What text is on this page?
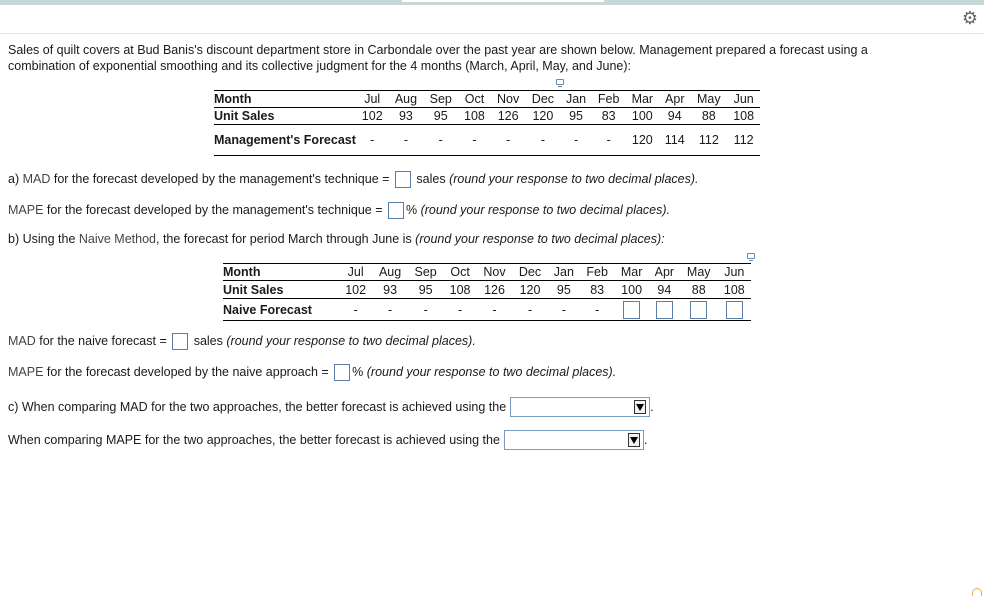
⚙
Sales of quilt covers at Bud Banis's discount department store in Carbondale over the past year are shown below. Management prepared a forecast using a combination of exponential smoothing and its collective judgment for the 4 months (March, April, May, and June):
Month	Jul	Aug	Sep	Oct	Nov	Dec	Jan	Feb	Mar	Apr	May	Jun
Unit Sales	102	93	95	108	126	120	95	83	100	94	88	108
Management's Forecast	-	-	-	-	-	-	-	-	120	114	112	112
a) MAD for the forecast developed by the management's technique =  sales (round your response to two decimal places).
MAPE for the forecast developed by the management's technique = % (round your response to two decimal places).
b) Using the Naive Method, the forecast for period March through June is (round your response to two decimal places):
Month	Jul	Aug	Sep	Oct	Nov	Dec	Jan	Feb	Mar	Apr	May	Jun
Unit Sales	102	93	95	108	126	120	95	83	100	94	88	108
Naive Forecast	-	-	-	-	-	-	-	-				
MAD for the naive forecast =  sales (round your response to two decimal places).
MAPE for the forecast developed by the naive approach = % (round your response to two decimal places).
c) When comparing MAD for the two approaches, the better forecast is achieved using the	.
When comparing MAPE for the two approaches, the better forecast is achieved using the	.
